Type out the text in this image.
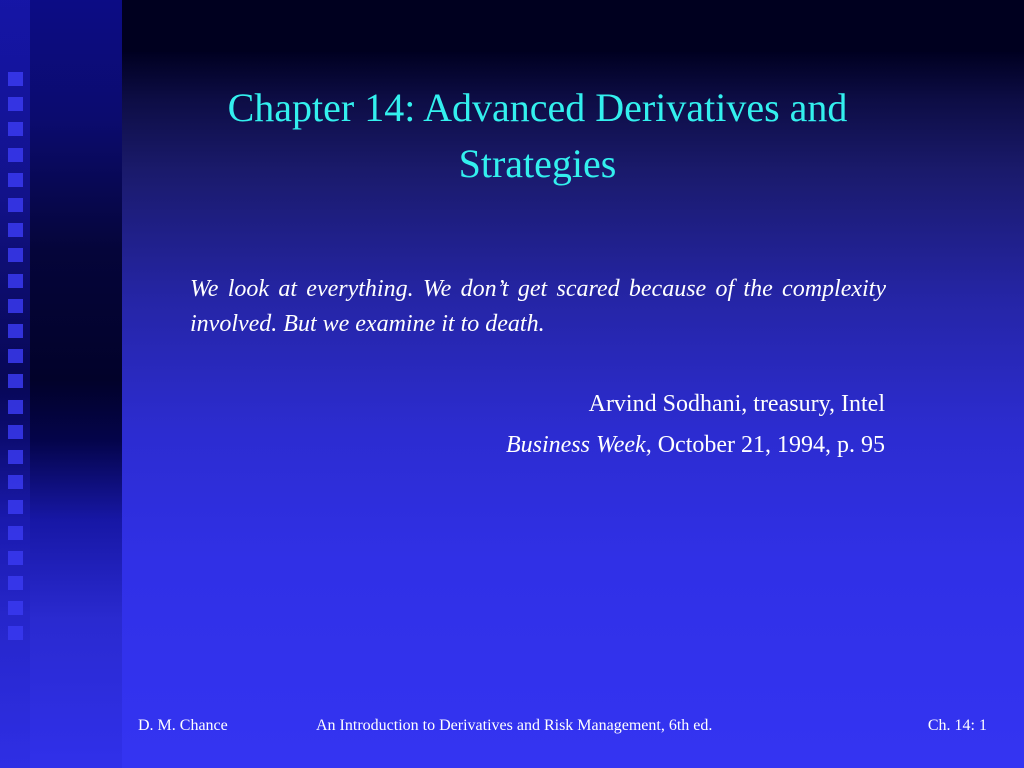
Chapter 14: Advanced Derivatives and
Strategies

We look at everything. We don’t get scared because of the complexity involved. But we examine it to death.

Arvind Sodhani, treasury, Intel
Business Week, October 21, 1994, p. 95
D. M. Chance	An Introduction to Derivatives and Risk Management, 6th ed.	Ch. 14: 1
